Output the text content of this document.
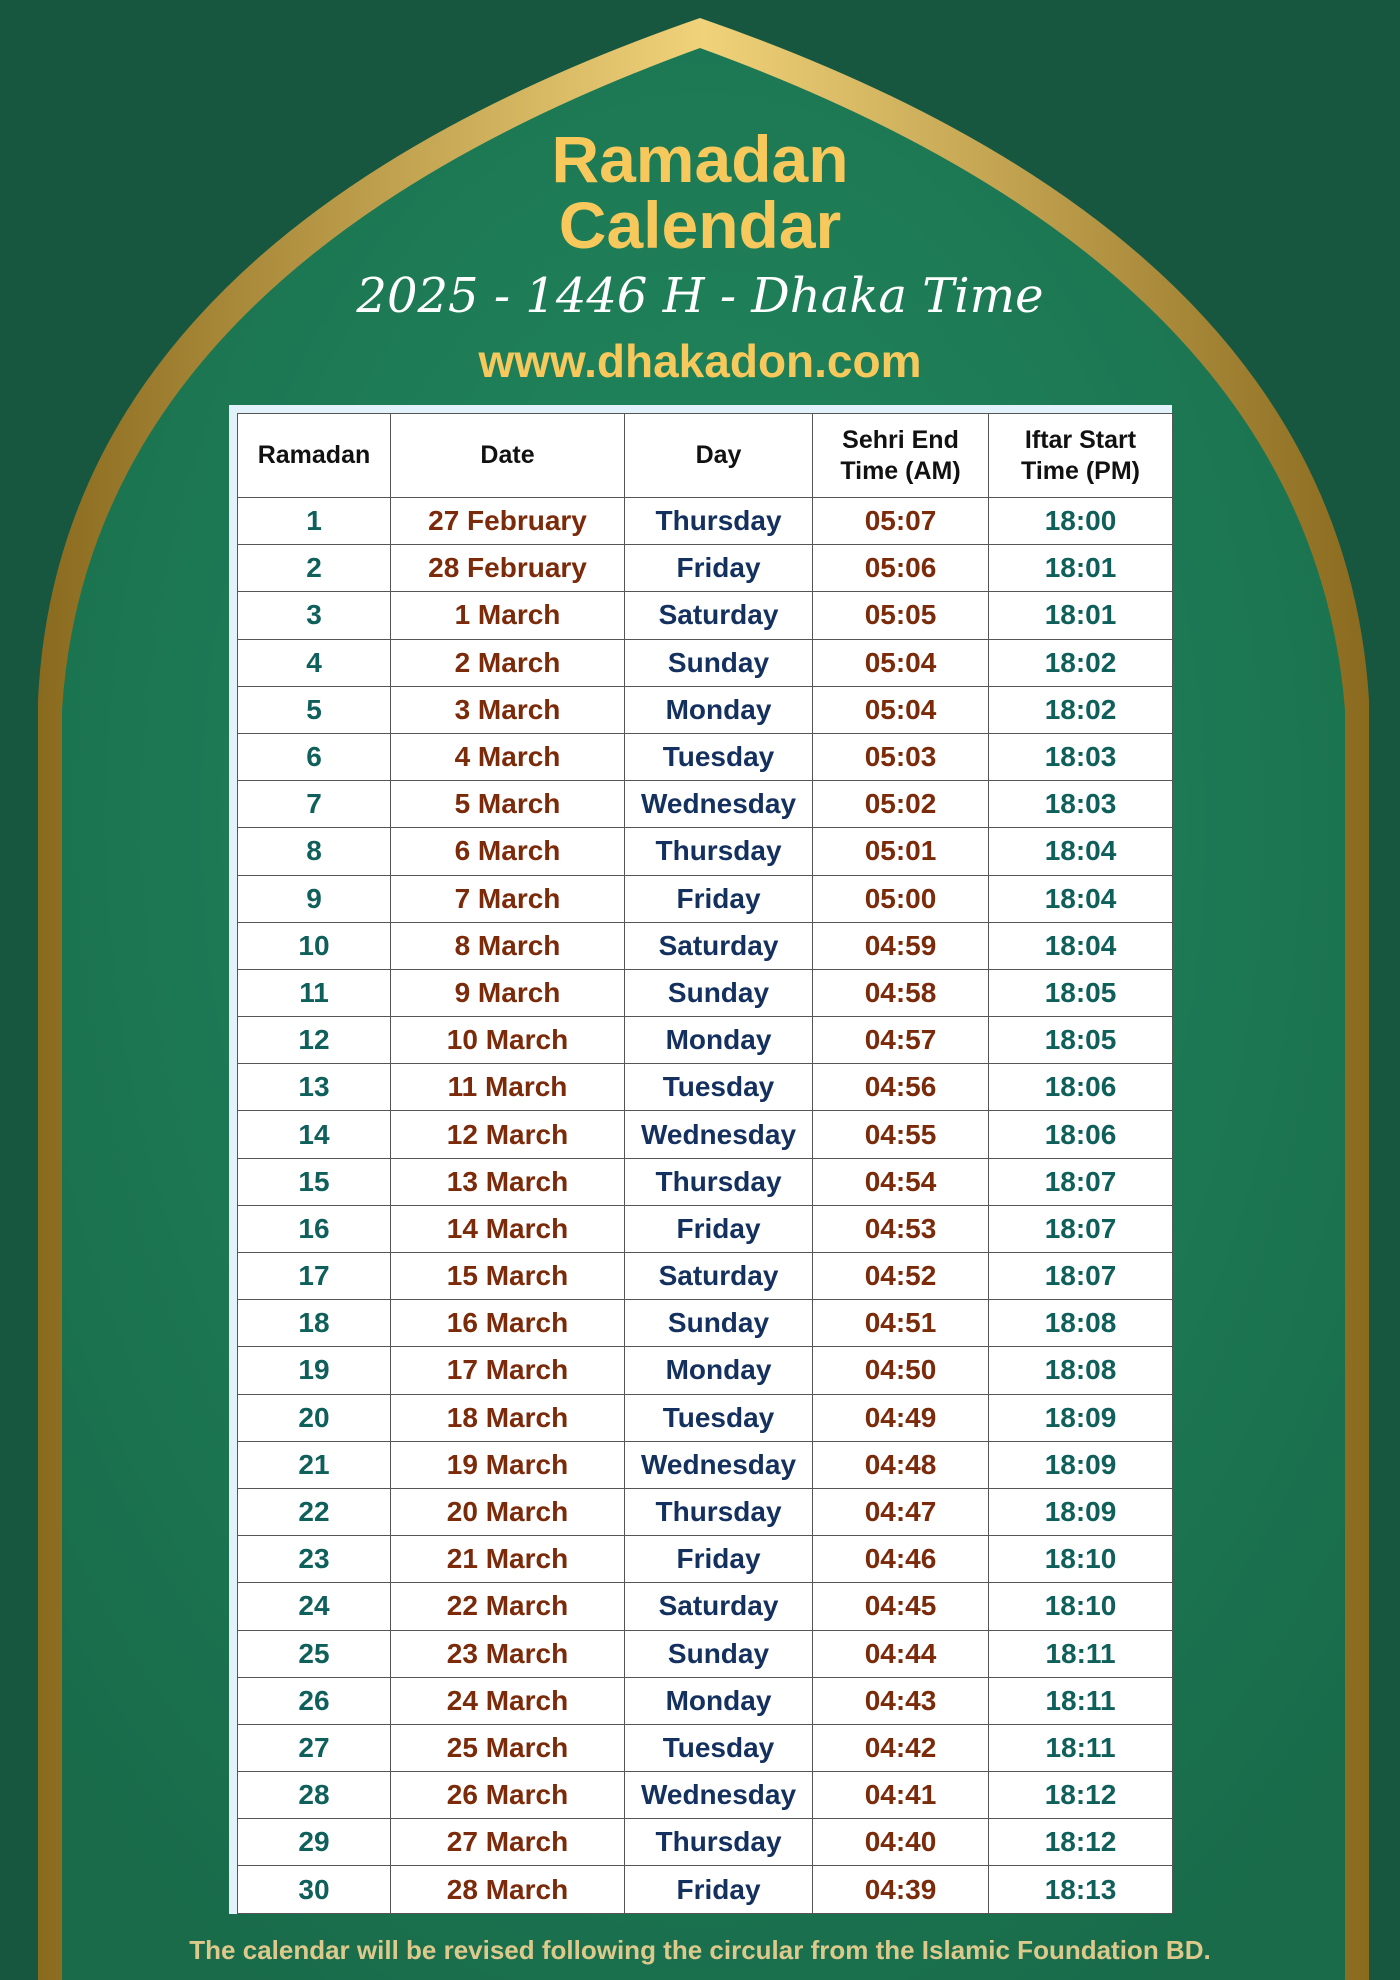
Ramadan
Calendar
2025 - 1446 H - Dhaka Time
www.dhakadon.com
Ramadan	Date	Day	Sehri End Time (AM)	Iftar Start Time (PM)
1	27 February	Thursday	05:07	18:00
2	28 February	Friday	05:06	18:01
3	1 March	Saturday	05:05	18:01
4	2 March	Sunday	05:04	18:02
5	3 March	Monday	05:04	18:02
6	4 March	Tuesday	05:03	18:03
7	5 March	Wednesday	05:02	18:03
8	6 March	Thursday	05:01	18:04
9	7 March	Friday	05:00	18:04
10	8 March	Saturday	04:59	18:04
11	9 March	Sunday	04:58	18:05
12	10 March	Monday	04:57	18:05
13	11 March	Tuesday	04:56	18:06
14	12 March	Wednesday	04:55	18:06
15	13 March	Thursday	04:54	18:07
16	14 March	Friday	04:53	18:07
17	15 March	Saturday	04:52	18:07
18	16 March	Sunday	04:51	18:08
19	17 March	Monday	04:50	18:08
20	18 March	Tuesday	04:49	18:09
21	19 March	Wednesday	04:48	18:09
22	20 March	Thursday	04:47	18:09
23	21 March	Friday	04:46	18:10
24	22 March	Saturday	04:45	18:10
25	23 March	Sunday	04:44	18:11
26	24 March	Monday	04:43	18:11
27	25 March	Tuesday	04:42	18:11
28	26 March	Wednesday	04:41	18:12
29	27 March	Thursday	04:40	18:12
30	28 March	Friday	04:39	18:13
The calendar will be revised following the circular from the Islamic Foundation BD.
